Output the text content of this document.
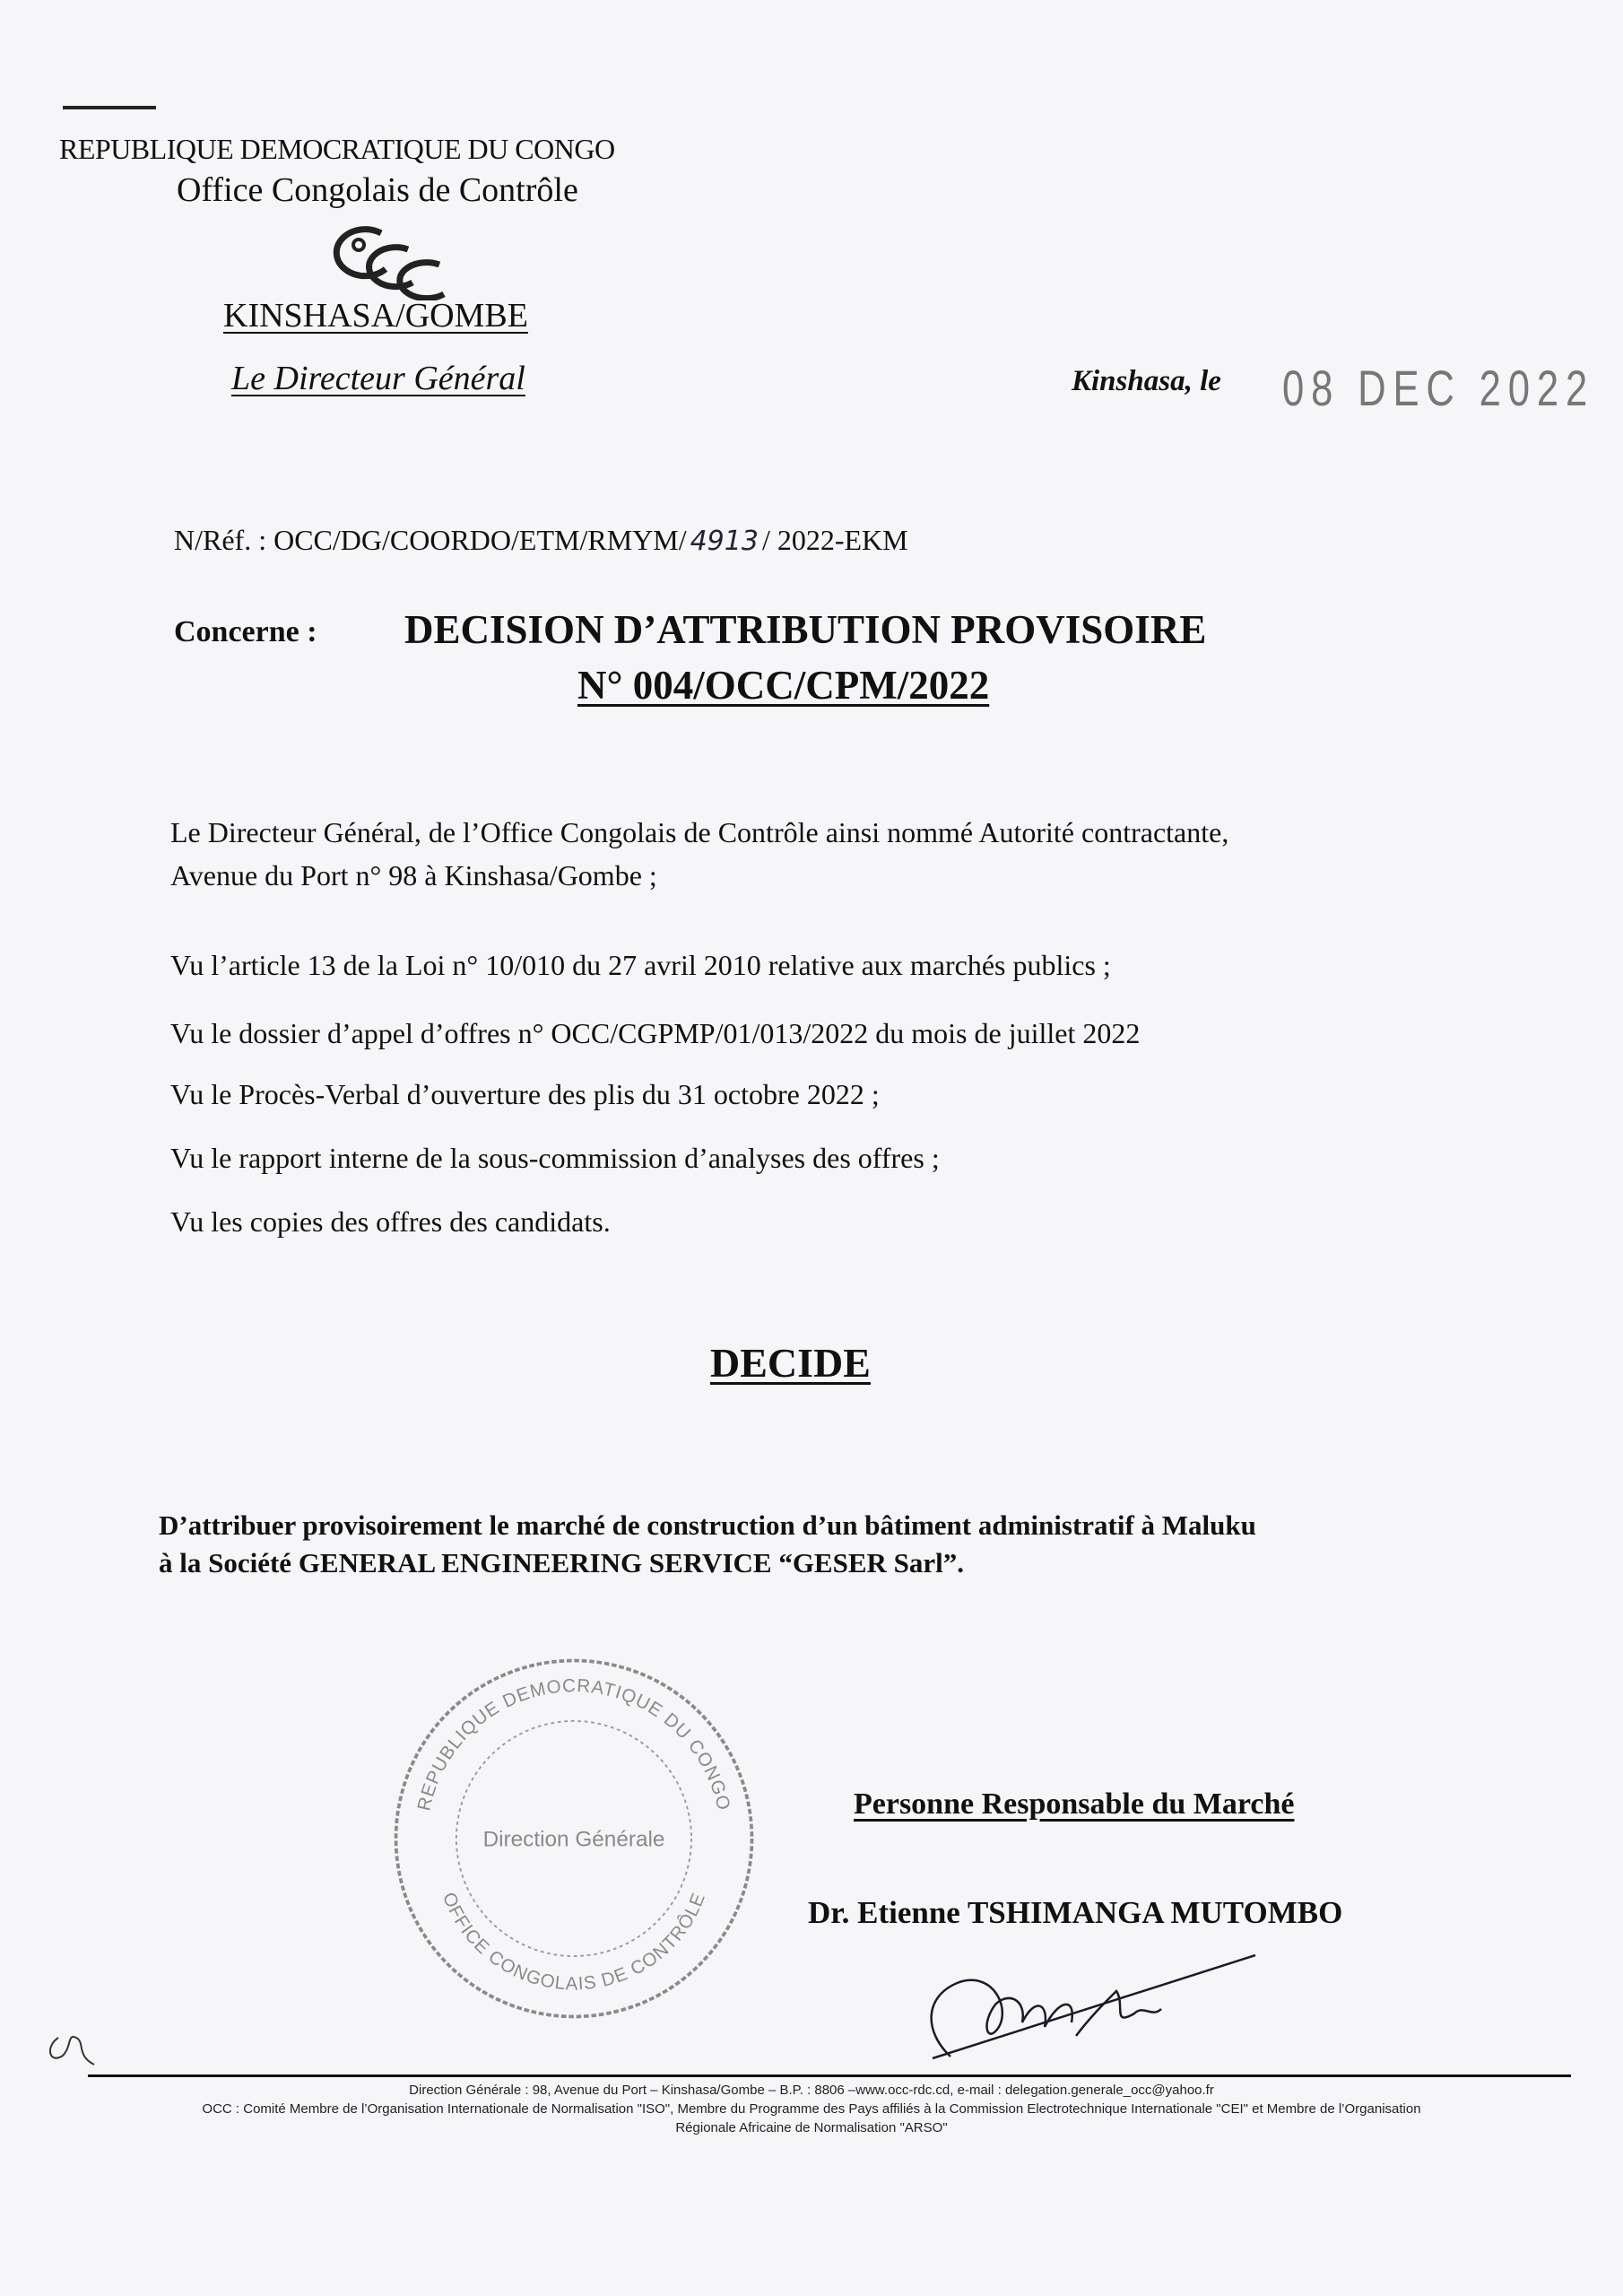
REPUBLIQUE DEMOCRATIQUE DU CONGO
Office Congolais de Contrôle
KINSHASA/GOMBE
Le Directeur Général	Kinshasa, le 08 DEC 2022
N/Réf. : OCC/DG/COORDO/ETM/RMYM/ 4913 / 2022-EKM
Concerne : DECISION D’ATTRIBUTION PROVISOIRE
N° 004/OCC/CPM/2022
Le Directeur Général, de l’Office Congolais de Contrôle ainsi nommé Autorité contractante,
Avenue du Port n° 98 à Kinshasa/Gombe ;
Vu l’article 13 de la Loi n° 10/010 du 27 avril 2010 relative aux marchés publics ;
Vu le dossier d’appel d’offres n° OCC/CGPMP/01/013/2022 du mois de juillet 2022
Vu le Procès-Verbal d’ouverture des plis du 31 octobre 2022 ;
Vu le rapport interne de la sous-commission d’analyses des offres ;
Vu les copies des offres des candidats.
DECIDE
D’attribuer provisoirement le marché de construction d’un bâtiment administratif à Maluku
à la Société GENERAL ENGINEERING SERVICE “GESER Sarl”.
REPUBLIQUE DEMOCRATIQUE DU CONGO
OFFICE CONGOLAIS DE CONTRÔLE
Direction Générale
Personne Responsable du Marché
Dr. Etienne TSHIMANGA MUTOMBO
Direction Générale : 98, Avenue du Port – Kinshasa/Gombe – B.P. : 8806 –www.occ-rdc.cd, e-mail : delegation.generale_occ@yahoo.fr
OCC : Comité Membre de l’Organisation Internationale de Normalisation "ISO", Membre du Programme des Pays affiliés à la Commission Electrotechnique Internationale "CEI" et Membre de l’Organisation
Régionale Africaine de Normalisation "ARSO"
